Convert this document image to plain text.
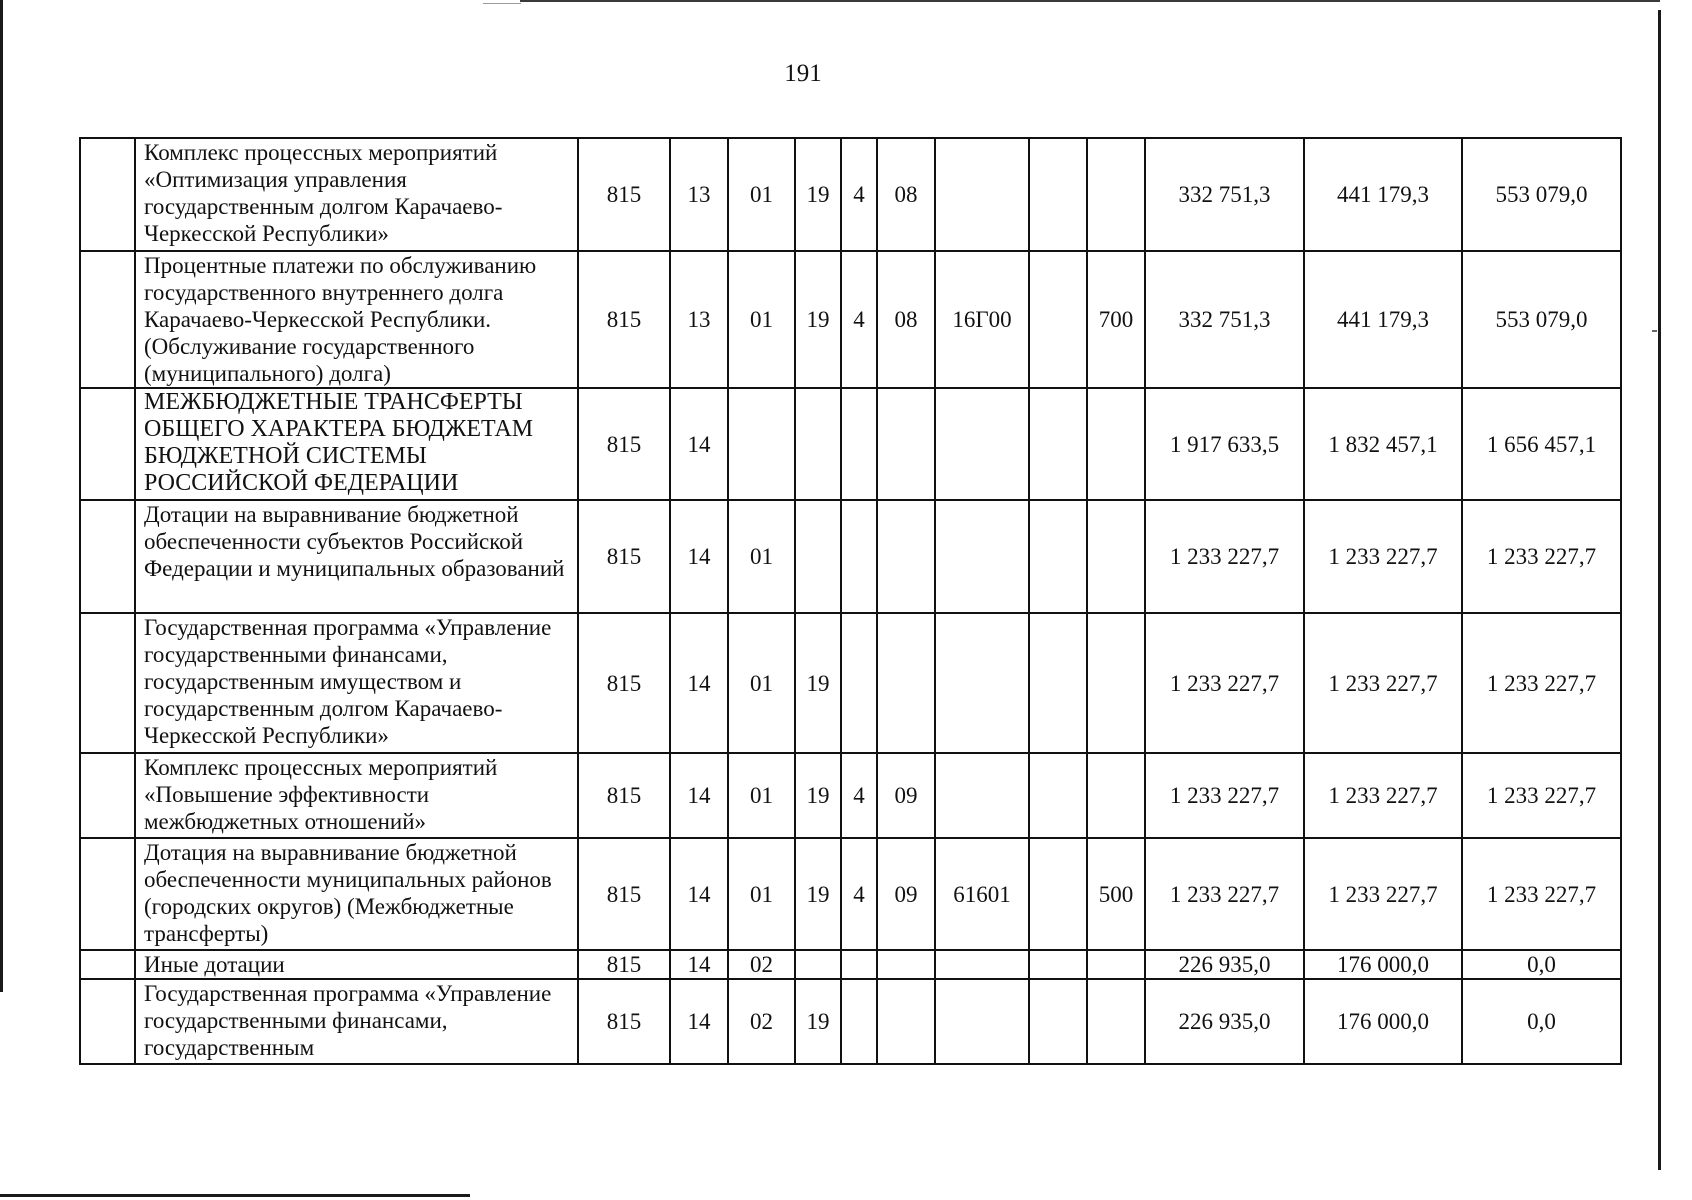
191
	Комплекс процессных мероприятий «Оптимизация управления государственным долгом Карачаево-Черкесской Республики»	815	13	01	19	4	08				332 751,3	441 179,3	553 079,0
	Процентные платежи по обслуживанию государственного внутреннего долга Карачаево-Черкесской Республики. (Обслуживание государственного (муниципального) долга)	815	13	01	19	4	08	16Г00		700	332 751,3	441 179,3	553 079,0
	МЕЖБЮДЖЕТНЫЕ ТРАНСФЕРТЫ ОБЩЕГО ХАРАКТЕРА БЮДЖЕТАМ БЮДЖЕТНОЙ СИСТЕМЫ РОССИЙСКОЙ ФЕДЕРАЦИИ	815	14								1 917 633,5	1 832 457,1	1 656 457,1
	Дотации на выравнивание бюджетной обеспеченности субъектов Российской Федерации и муниципальных образований	815	14	01							1 233 227,7	1 233 227,7	1 233 227,7
	Государственная программа «Управление государственными финансами, государственным имуществом и государственным долгом Карачаево-Черкесской Республики»	815	14	01	19						1 233 227,7	1 233 227,7	1 233 227,7
	Комплекс процессных мероприятий «Повышение эффективности межбюджетных отношений»	815	14	01	19	4	09				1 233 227,7	1 233 227,7	1 233 227,7
	Дотация на выравнивание бюджетной обеспеченности муниципальных районов (городских округов) (Межбюджетные трансферты)	815	14	01	19	4	09	61601		500	1 233 227,7	1 233 227,7	1 233 227,7
	Иные дотации	815	14	02							226 935,0	176 000,0	0,0
	Государственная программа «Управление государственными финансами, государственным	815	14	02	19						226 935,0	176 000,0	0,0
